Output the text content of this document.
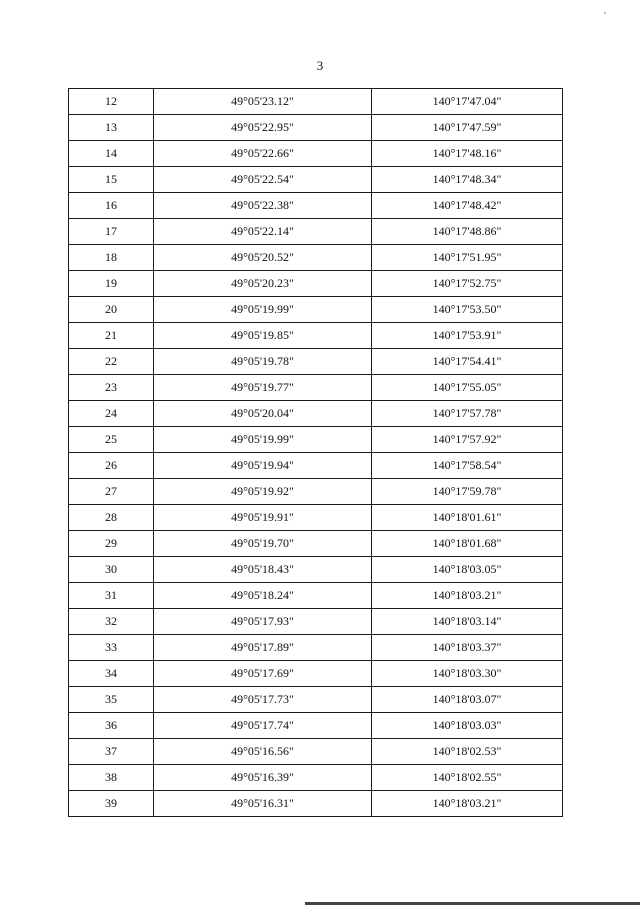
3
12	49°05'23.12"	140°17'47.04"
13	49°05'22.95"	140°17'47.59"
14	49°05'22.66"	140°17'48.16"
15	49°05'22.54"	140°17'48.34"
16	49°05'22.38"	140°17'48.42"
17	49°05'22.14"	140°17'48.86"
18	49°05'20.52"	140°17'51.95"
19	49°05'20.23"	140°17'52.75"
20	49°05'19.99"	140°17'53.50"
21	49°05'19.85"	140°17'53.91"
22	49°05'19.78"	140°17'54.41"
23	49°05'19.77"	140°17'55.05"
24	49°05'20.04"	140°17'57.78"
25	49°05'19.99"	140°17'57.92"
26	49°05'19.94"	140°17'58.54"
27	49°05'19.92"	140°17'59.78"
28	49°05'19.91"	140°18'01.61"
29	49°05'19.70"	140°18'01.68"
30	49°05'18.43"	140°18'03.05"
31	49°05'18.24"	140°18'03.21"
32	49°05'17.93"	140°18'03.14"
33	49°05'17.89"	140°18'03.37"
34	49°05'17.69"	140°18'03.30"
35	49°05'17.73"	140°18'03.07"
36	49°05'17.74"	140°18'03.03"
37	49°05'16.56"	140°18'02.53"
38	49°05'16.39"	140°18'02.55"
39	49°05'16.31"	140°18'03.21"
